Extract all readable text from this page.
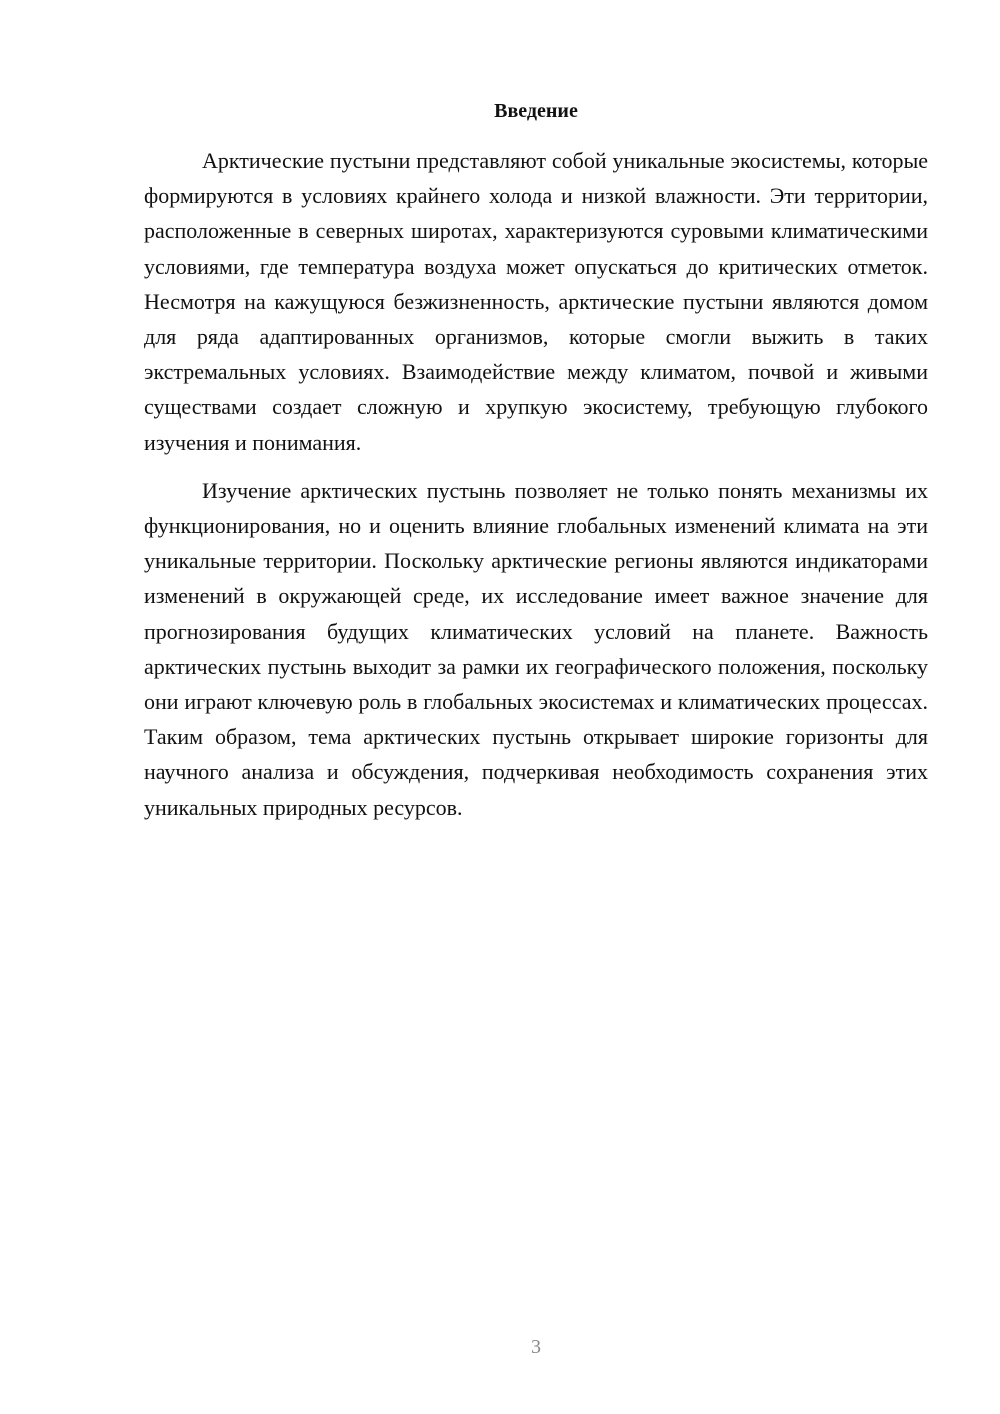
Введение

Арктические пустыни представляют собой уникальные экосистемы, которые формируются в условиях крайнего холода и низкой влажности. Эти территории, расположенные в северных широтах, характеризуются суровыми климатическими условиями, где температура воздуха может опускаться до критических отметок. Несмотря на кажущуюся безжизненность, арктические пустыни являются домом для ряда адаптированных организмов, которые смогли выжить в таких экстремальных условиях. Взаимодействие между климатом, почвой и живыми существами создает сложную и хрупкую экосистему, требующую глубокого изучения и понимания.

Изучение арктических пустынь позволяет не только понять механизмы их функционирования, но и оценить влияние глобальных изменений климата на эти уникальные территории. Поскольку арктические регионы являются индикаторами изменений в окружающей среде, их исследование имеет важное значение для прогнозирования будущих климатических условий на планете. Важность арктических пустынь выходит за рамки их географического положения, поскольку они играют ключевую роль в глобальных экосистемах и климатических процессах. Таким образом, тема арктических пустынь открывает широкие горизонты для научного анализа и обсуждения, подчеркивая необходимость сохранения этих уникальных природных ресурсов.

3
